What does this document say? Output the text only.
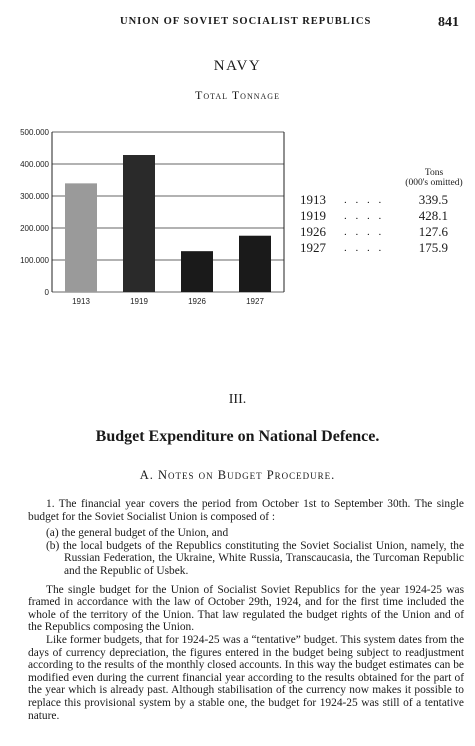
UNION OF SOVIET SOCIALIST REPUBLICS	841
NAVY
Total Tonnage
0
100.000
200.000
300.000
400.000
500.000
1913	1919	1926	1927
Tons
(000's omitted)
1913	. . . .	339.5
1919	. . . .	428.1
1926	. . . .	127.6
1927	. . . .	175.9
III.
Budget Expenditure on National Defence.
A. Notes on Budget Procedure.

1. The financial year covers the period from October 1st to September 30th. The single budget for the Soviet Socialist Union is composed of :

(a) the general budget of the Union, and

(b) the local budgets of the Republics constituting the Soviet Socialist Union, namely, the Russian Federation, the Ukraine, White Russia, Transcaucasia, the Turcoman Republic and the Republic of Usbek.

The single budget for the Union of Socialist Soviet Republics for the year 1924-25 was framed in accordance with the law of October 29th, 1924, and for the first time included the whole of the territory of the Union. That law regulated the budget rights of the Union and of the Republics composing the Union.

Like former budgets, that for 1924-25 was a “tentative” budget. This system dates from the days of currency depreciation, the figures entered in the budget being subject to readjustment according to the results of the monthly closed accounts. In this way the budget estimates can be modified even during the current financial year according to the results obtained for the part of the year which is already past. Although stabilisation of the currency now makes it possible to replace this provisional system by a stable one, the budget for 1924-25 was still of a tentative nature.
